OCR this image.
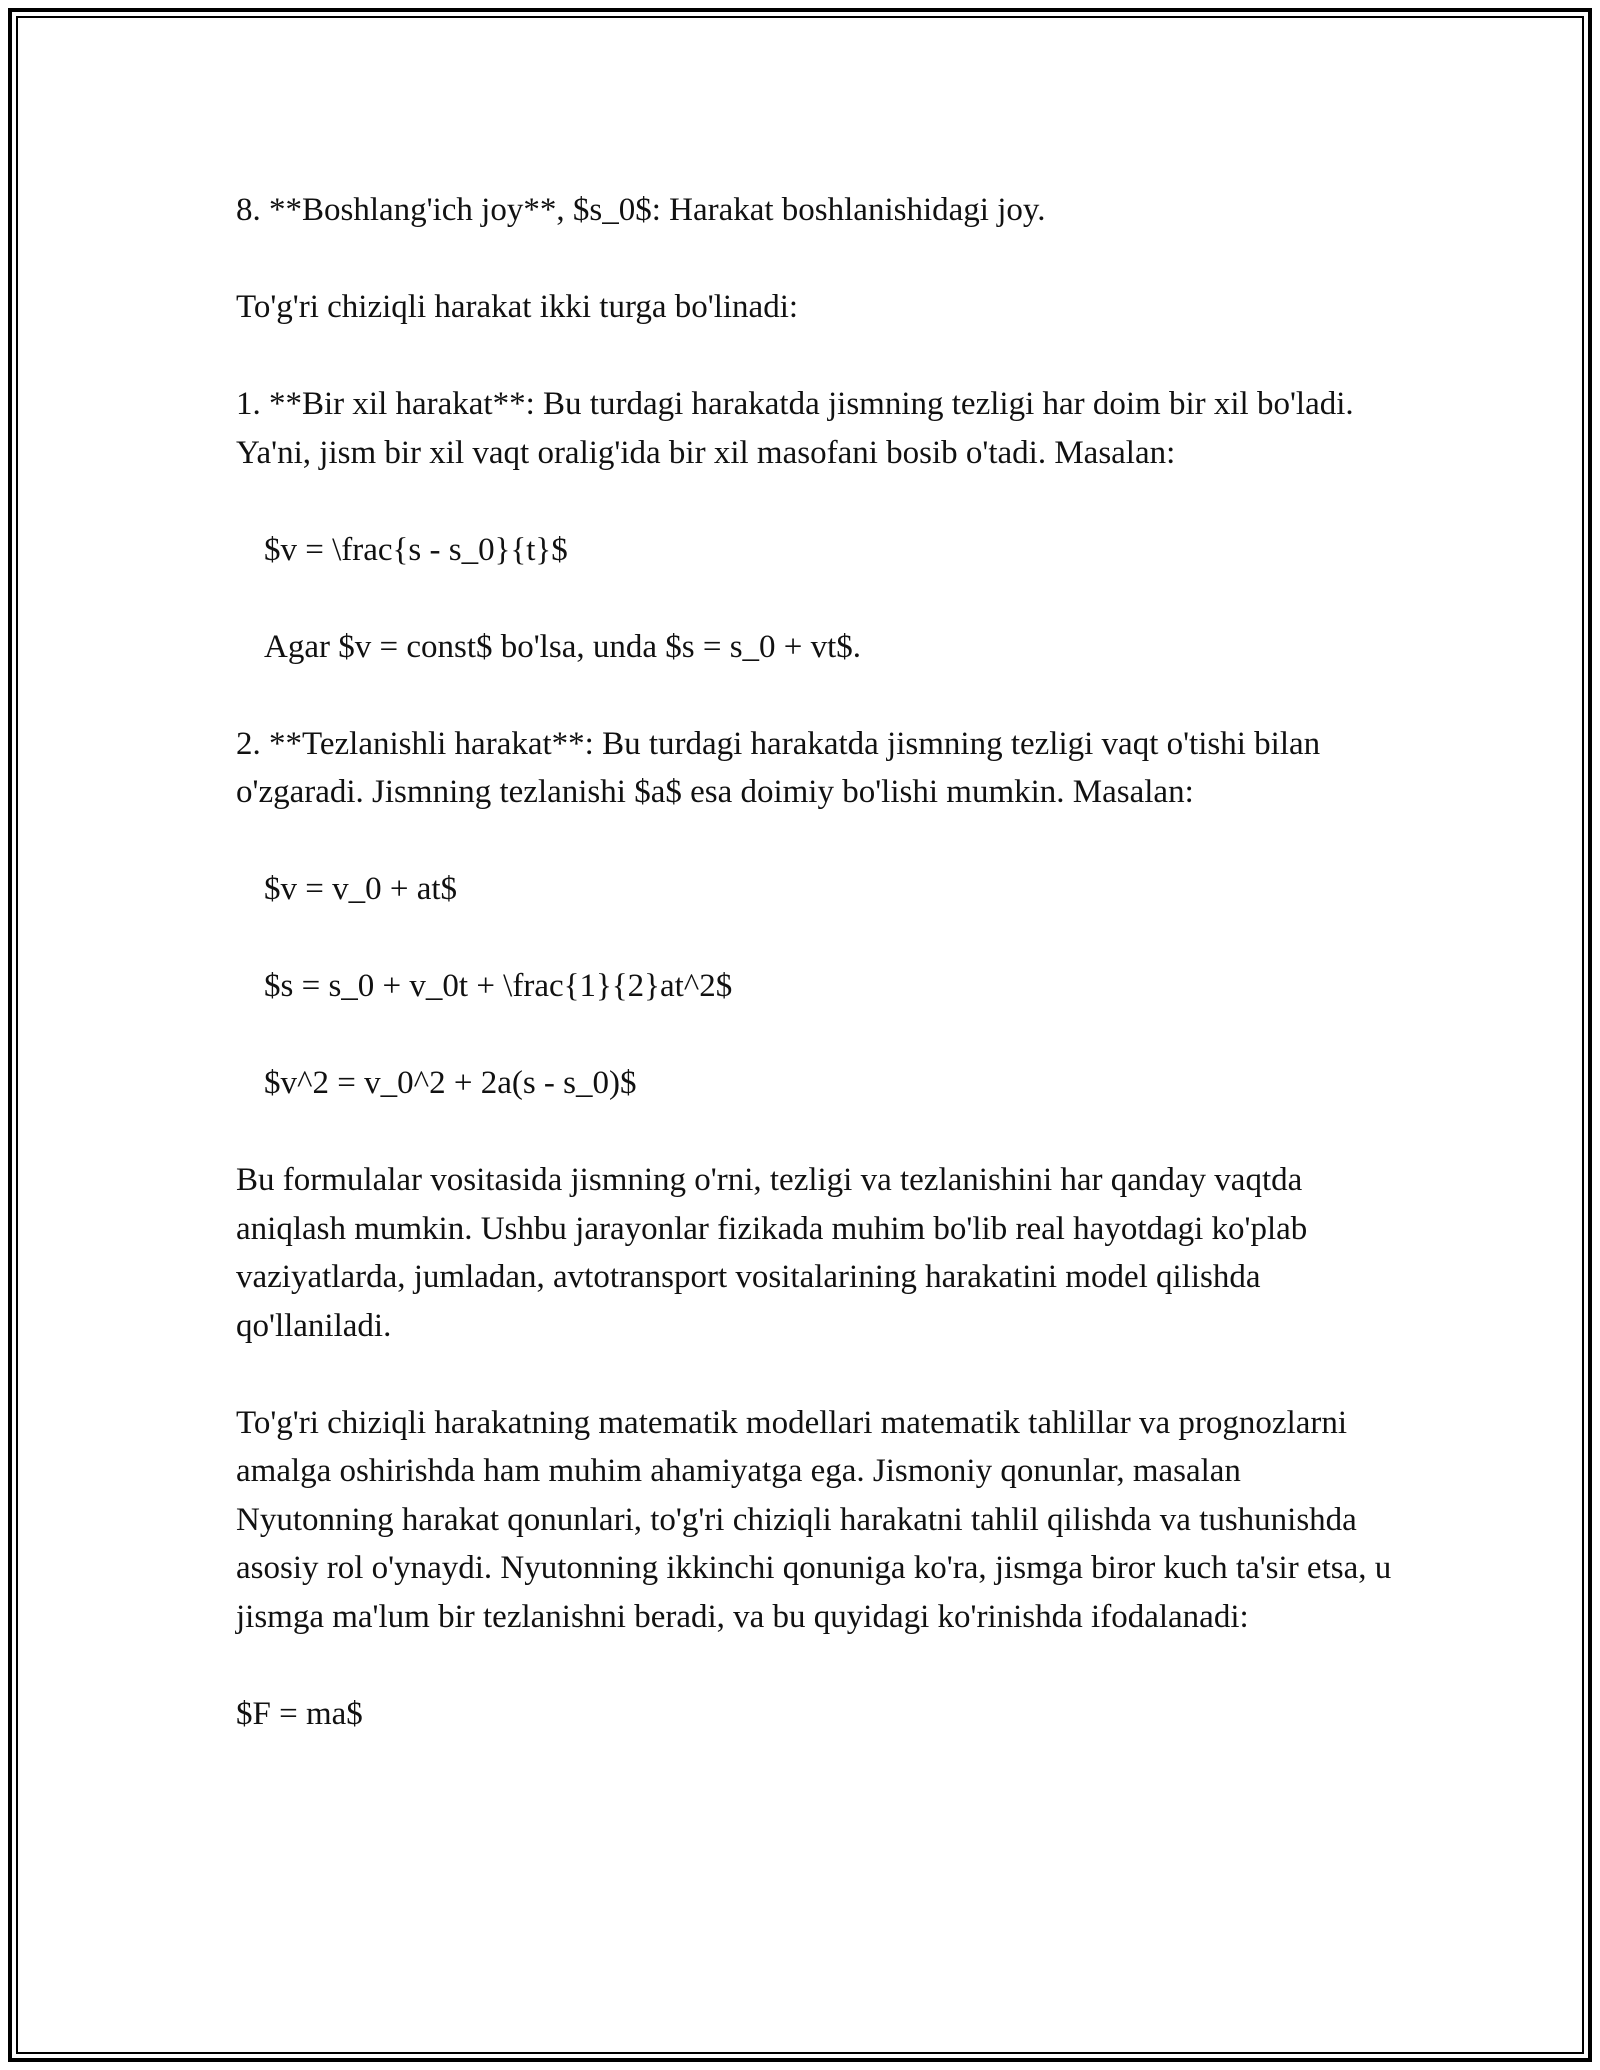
8. **Boshlang'ich joy**, $s_0$: Harakat boshlanishidagi joy.

To'g'ri chiziqli harakat ikki turga bo'linadi:

1. **Bir xil harakat**: Bu turdagi harakatda jismning tezligi har doim bir xil bo'ladi. Ya'ni, jism bir xil vaqt oralig'ida bir xil masofani bosib o'tadi. Masalan:

$v = \frac{s - s_0}{t}$

Agar $v = const$ bo'lsa, unda $s = s_0 + vt$.

2. **Tezlanishli harakat**: Bu turdagi harakatda jismning tezligi vaqt o'tishi bilan o'zgaradi. Jismning tezlanishi $a$ esa doimiy bo'lishi mumkin. Masalan:

$v = v_0 + at$

$s = s_0 + v_0t + \frac{1}{2}at^2$

$v^2 = v_0^2 + 2a(s - s_0)$

Bu formulalar vositasida jismning o'rni, tezligi va tezlanishini har qanday vaqtda aniqlash mumkin. Ushbu jarayonlar fizikada muhim bo'lib real hayotdagi ko'plab vaziyatlarda, jumladan, avtotransport vositalarining harakatini model qilishda qo'llaniladi.

To'g'ri chiziqli harakatning matematik modellari matematik tahlillar va prognozlarni amalga oshirishda ham muhim ahamiyatga ega. Jismoniy qonunlar, masalan Nyutonning harakat qonunlari, to'g'ri chiziqli harakatni tahlil qilishda va tushunishda asosiy rol o'ynaydi. Nyutonning ikkinchi qonuniga ko'ra, jismga biror kuch ta'sir etsa, u jismga ma'lum bir tezlanishni beradi, va bu quyidagi ko'rinishda ifodalanadi:

$F = ma$
